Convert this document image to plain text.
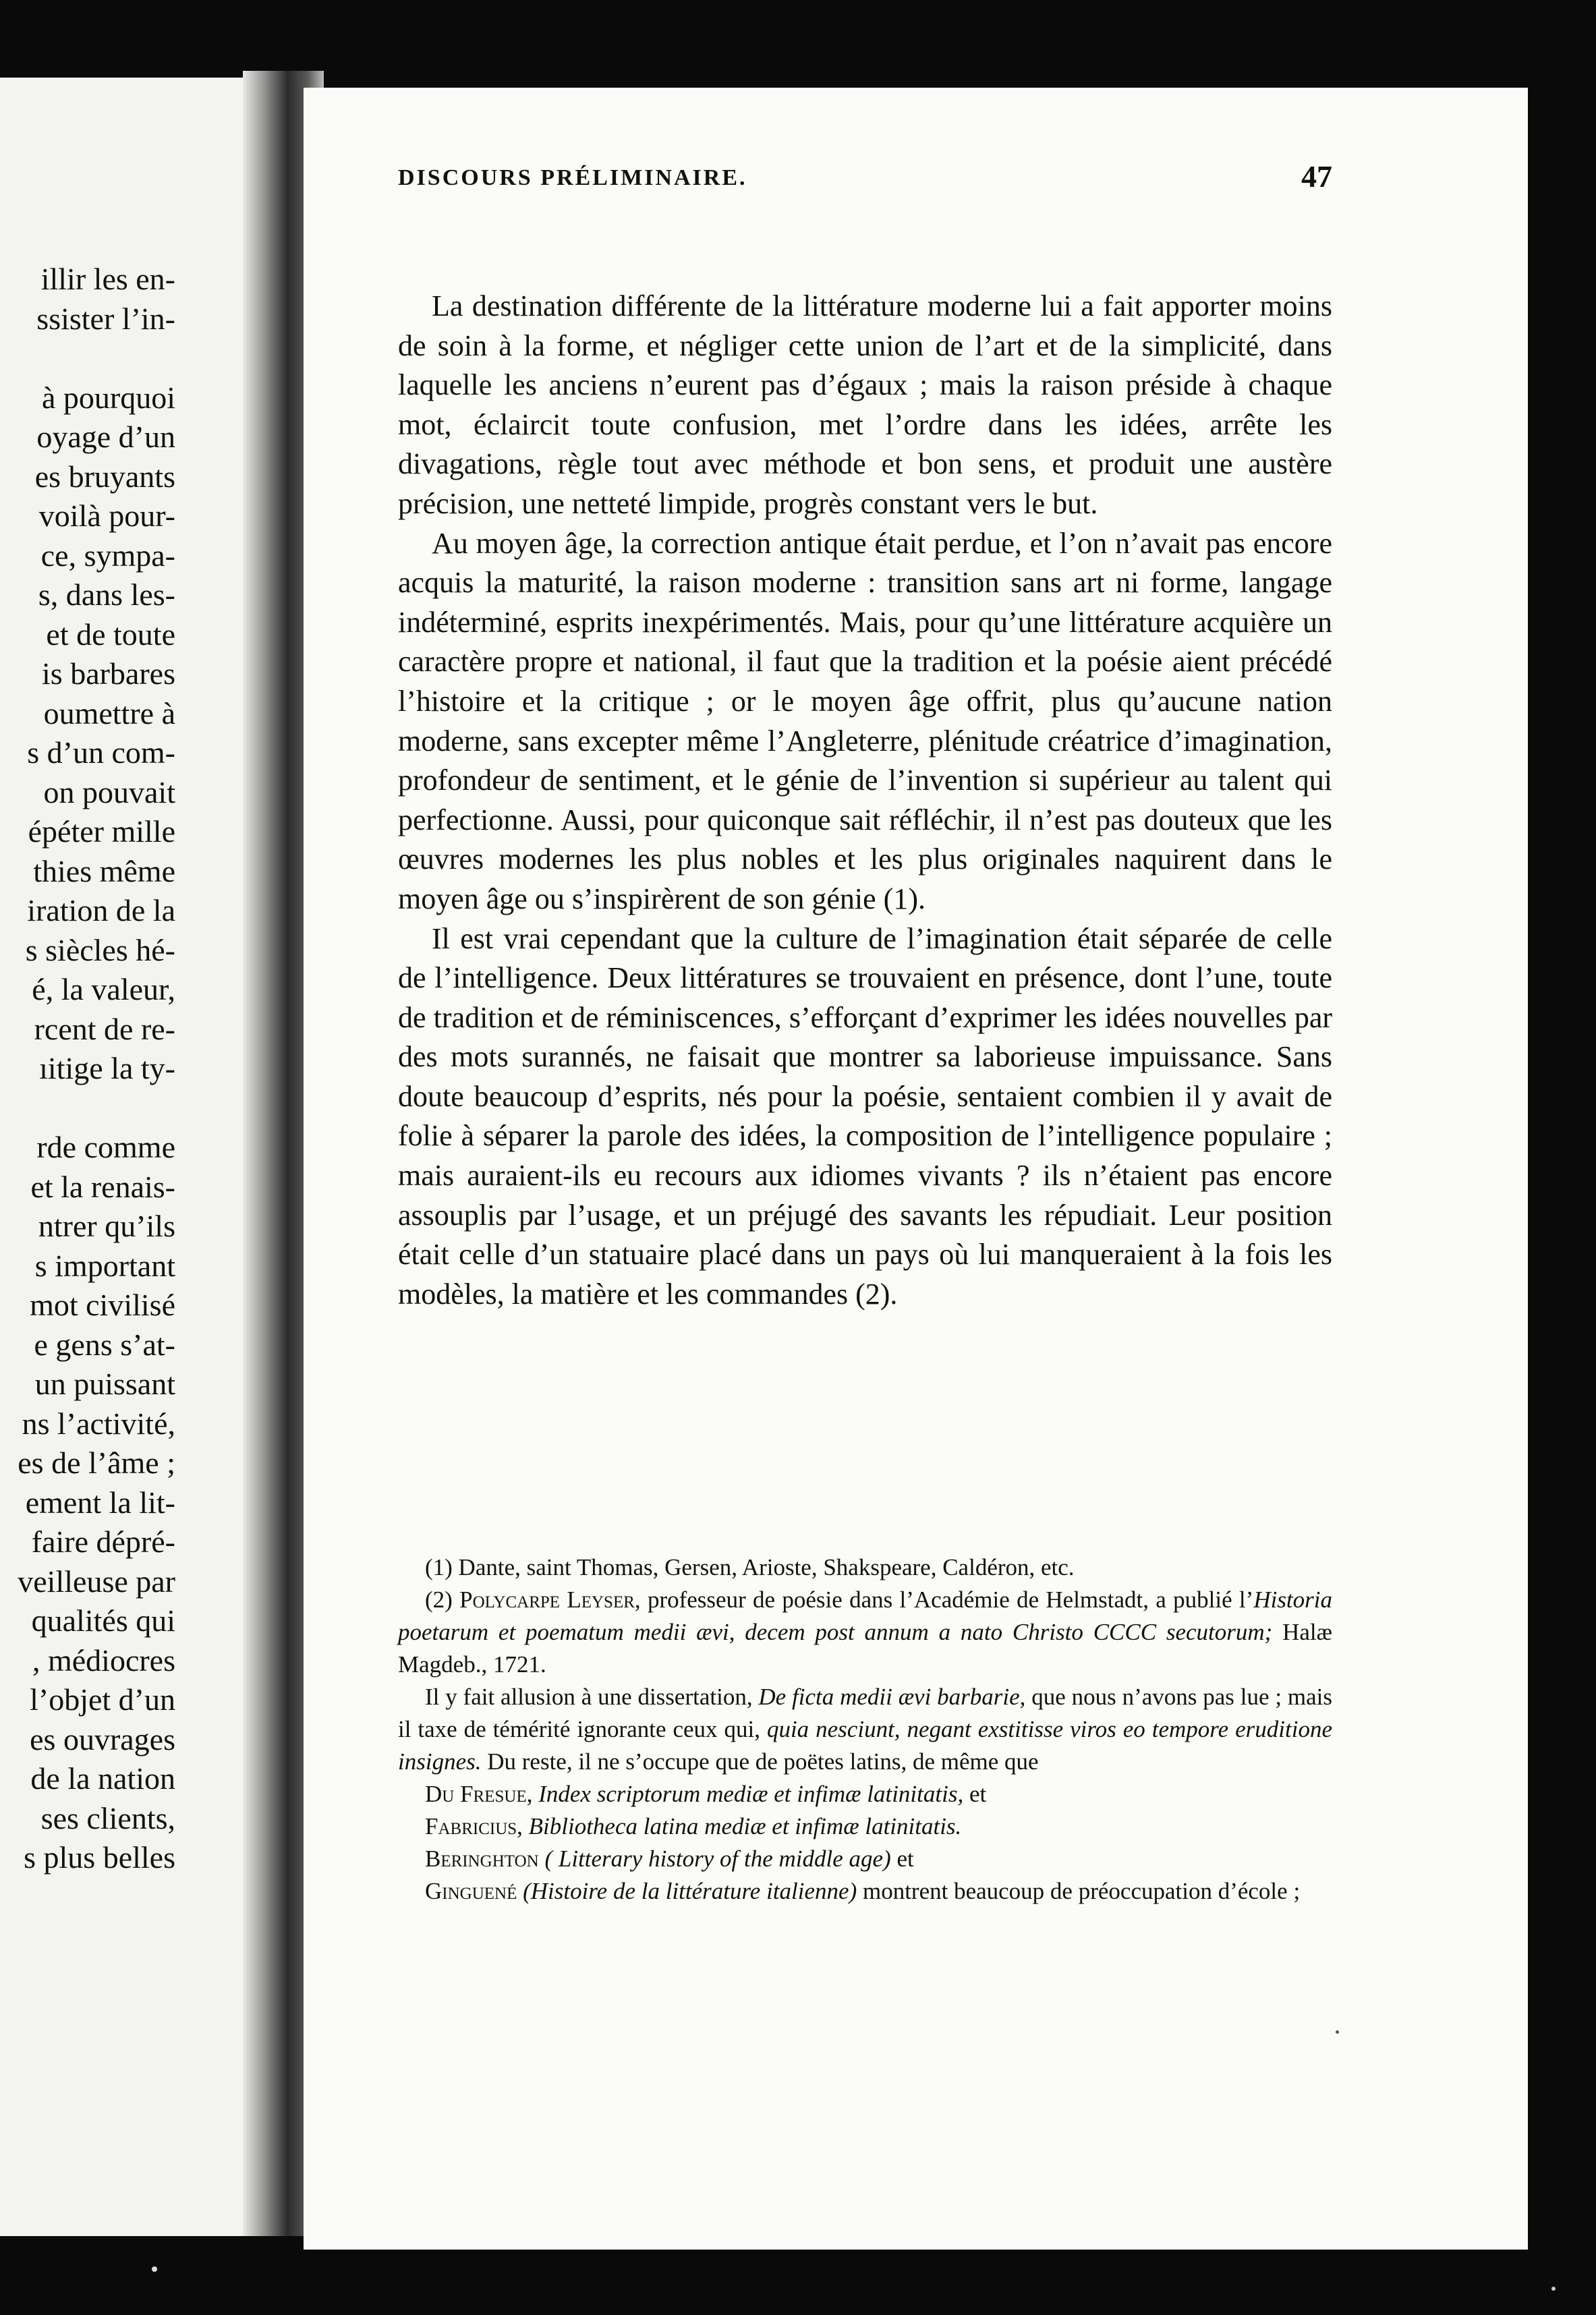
illir les en-
ssister l’in-

à pourquoi
oyage d’un
es bruyants
voilà pour-
ce, sympa-
s, dans les-
et de toute
is barbares
oumettre à
s d’un com-
on pouvait
épéter mille
thies même
iration de la
s siècles hé-
é, la valeur,
rcent de re-
ıitige la ty-

rde comme
et la renais-
ntrer qu’ils
s important
mot civilisé
e gens s’at-
un puissant
ns l’activité,
es de l’âme ;
ement la lit-
faire dépré-
veilleuse par
qualités qui
, médiocres
l’objet d’un
es ouvrages
de la nation
ses clients,
s plus belles
DISCOURS PRÉLIMINAIRE.	47

La destination différente de la littérature moderne lui a fait apporter moins de soin à la forme, et négliger cette union de l’art et de la simplicité, dans laquelle les anciens n’eurent pas d’égaux ; mais la raison préside à chaque mot, éclaircit toute confusion, met l’ordre dans les idées, arrête les divagations, règle tout avec méthode et bon sens, et produit une austère précision, une netteté limpide, progrès constant vers le but.

Au moyen âge, la correction antique était perdue, et l’on n’avait pas encore acquis la maturité, la raison moderne : transition sans art ni forme, langage indéterminé, esprits inexpérimentés. Mais, pour qu’une littérature acquière un caractère propre et national, il faut que la tradition et la poésie aient précédé l’histoire et la critique ; or le moyen âge offrit, plus qu’aucune nation moderne, sans excepter même l’Angleterre, plénitude créatrice d’imagination, profondeur de sentiment, et le génie de l’invention si supérieur au talent qui perfectionne. Aussi, pour quiconque sait réfléchir, il n’est pas douteux que les œuvres modernes les plus nobles et les plus originales naquirent dans le moyen âge ou s’inspirèrent de son génie (1).

Il est vrai cependant que la culture de l’imagination était séparée de celle de l’intelligence. Deux littératures se trouvaient en présence, dont l’une, toute de tradition et de réminiscences, s’efforçant d’exprimer les idées nouvelles par des mots surannés, ne faisait que montrer sa laborieuse impuissance. Sans doute beaucoup d’esprits, nés pour la poésie, sentaient combien il y avait de folie à séparer la parole des idées, la composition de l’intelligence populaire ; mais auraient-ils eu recours aux idiomes vivants ? ils n’étaient pas encore assouplis par l’usage, et un préjugé des savants les répudiait. Leur position était celle d’un statuaire placé dans un pays où lui manqueraient à la fois les modèles, la matière et les commandes (2).

(1) Dante, saint Thomas, Gersen, Arioste, Shakspeare, Caldéron, etc.

(2) Polycarpe Leyser, professeur de poésie dans l’Académie de Helmstadt, a publié l’Historia poetarum et poematum medii ævi, decem post annum a nato Christo CCCC secutorum; Halæ Magdeb., 1721.

Il y fait allusion à une dissertation, De ficta medii ævi barbarie, que nous n’avons pas lue ; mais il taxe de témérité ignorante ceux qui, quia nesciunt, negant exstitisse viros eo tempore eruditione insignes. Du reste, il ne s’occupe que de poëtes latins, de même que

Du Fresue, Index scriptorum mediæ et infimæ latinitatis, et

Fabricius, Bibliotheca latina mediæ et infimæ latinitatis.

Beringhton ( Litterary history of the middle age) et

Ginguené (Histoire de la littérature italienne) montrent beaucoup de préoccupation d’école ;
